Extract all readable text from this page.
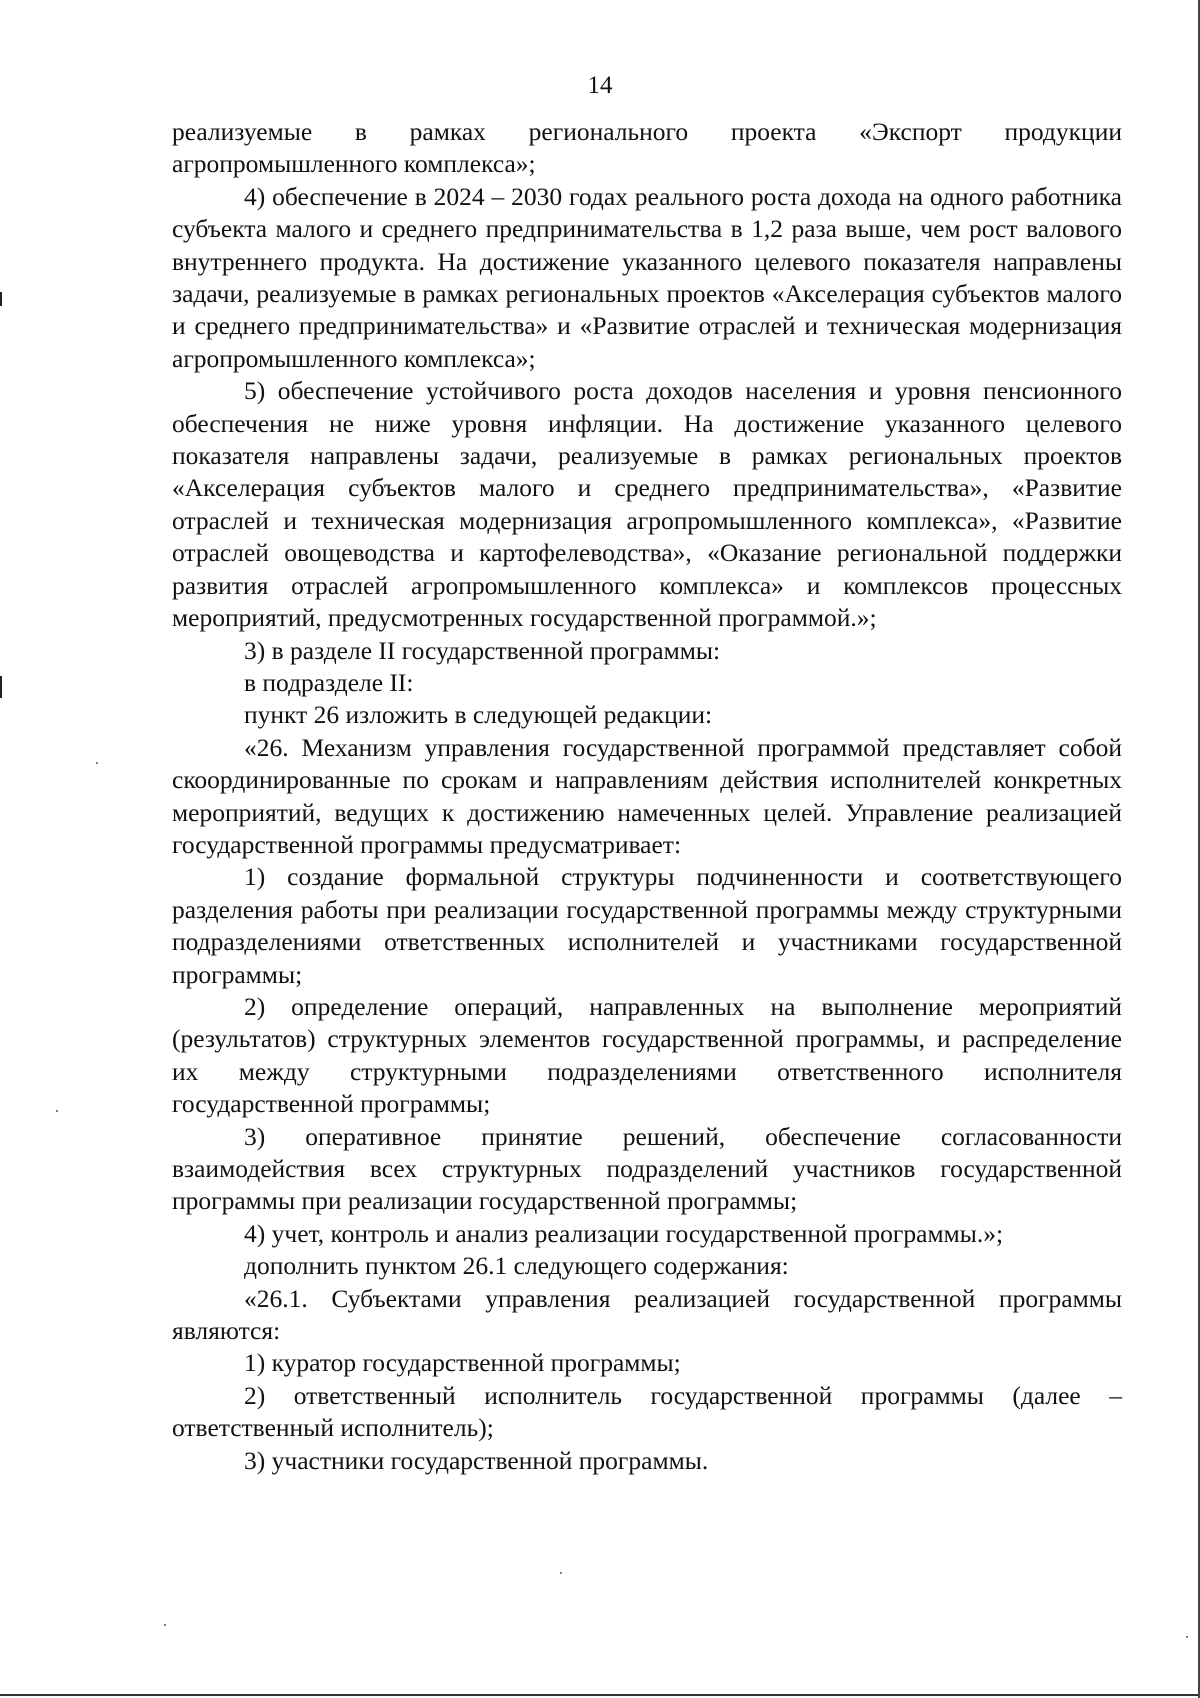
14

реализуемые в рамках регионального проекта «Экспорт продукции агропромышленного комплекса»;

4) обеспечение в 2024 – 2030 годах реального роста дохода на одного работника субъекта малого и среднего предпринимательства в 1,2 раза выше, чем рост валового внутреннего продукта. На достижение указанного целевого показателя направлены задачи, реализуемые в рамках региональных проектов «Акселерация субъектов малого и среднего предпринимательства» и «Развитие отраслей и техническая модернизация агропромышленного комплекса»;

5) обеспечение устойчивого роста доходов населения и уровня пенсионного обеспечения не ниже уровня инфляции. На достижение указанного целевого показателя направлены задачи, реализуемые в рамках региональных проектов «Акселерация субъектов малого и среднего предпринимательства», «Развитие отраслей и техническая модернизация агропромышленного комплекса», «Развитие отраслей овощеводства и картофелеводства», «Оказание региональной поддержки развития отраслей агропромышленного комплекса» и комплексов процессных мероприятий, предусмотренных государственной программой.»;

3) в разделе II государственной программы:

в подразделе II:

пункт 26 изложить в следующей редакции:

«26. Механизм управления государственной программой представляет собой скоординированные по срокам и направлениям действия исполнителей конкретных мероприятий, ведущих к достижению намеченных целей. Управление реализацией государственной программы предусматривает:

1) создание формальной структуры подчиненности и соответствующего разделения работы при реализации государственной программы между структурными подразделениями ответственных исполнителей и участниками государственной программы;

2) определение операций, направленных на выполнение мероприятий (результатов) структурных элементов государственной программы, и распределение их между структурными подразделениями ответственного исполнителя государственной программы;

3) оперативное принятие решений, обеспечение согласованности взаимодействия всех структурных подразделений участников государственной программы при реализации государственной программы;

4) учет, контроль и анализ реализации государственной программы.»;

дополнить пунктом 26.1 следующего содержания:

«26.1. Субъектами управления реализацией государственной программы являются:

1) куратор государственной программы;

2) ответственный исполнитель государственной программы (далее – ответственный исполнитель);

3) участники государственной программы.
